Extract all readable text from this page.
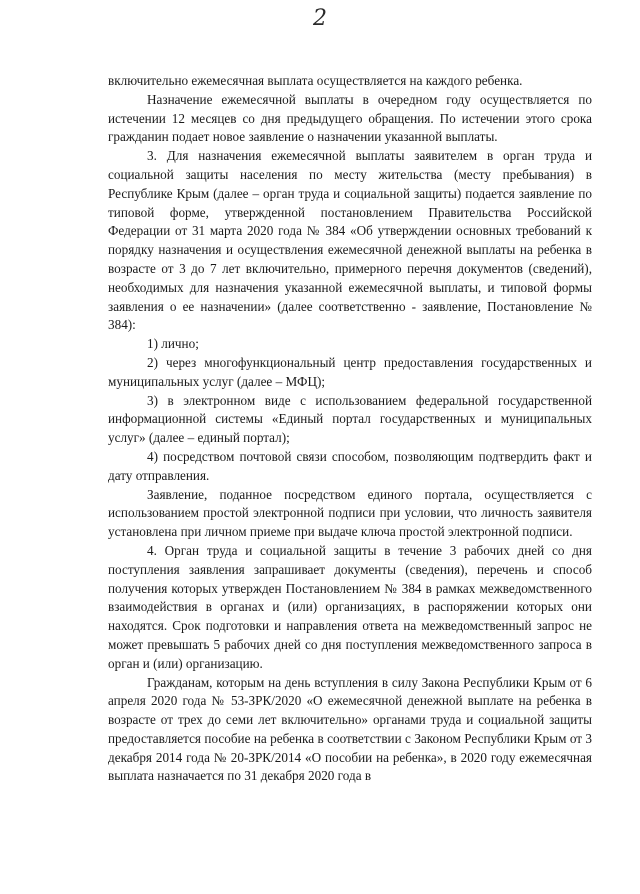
2

включительно ежемесячная выплата осуществляется на каждого ребенка.

Назначение ежемесячной выплаты в очередном году осуществляется по истечении 12 месяцев со дня предыдущего обращения. По истечении этого срока гражданин подает новое заявление о назначении указанной выплаты.

3. Для назначения ежемесячной выплаты заявителем в орган труда и социальной защиты населения по месту жительства (месту пребывания) в Республике Крым (далее – орган труда и социальной защиты) подается заявление по типовой форме, утвержденной постановлением Правительства Российской Федерации от 31 марта 2020 года № 384 «Об утверждении основных требований к порядку назначения и осуществления ежемесячной денежной выплаты на ребенка в возрасте от 3 до 7 лет включительно, примерного перечня документов (сведений), необходимых для назначения указанной ежемесячной выплаты, и типовой формы заявления о ее назначении» (далее соответственно - заявление, Постановление № 384):

1) лично;

2) через многофункциональный центр предоставления государственных и муниципальных услуг (далее – МФЦ);

3) в электронном виде с использованием федеральной государственной информационной системы «Единый портал государственных и муниципальных услуг» (далее – единый портал);

4) посредством почтовой связи способом, позволяющим подтвердить факт и дату отправления.

Заявление, поданное посредством единого портала, осуществляется с использованием простой электронной подписи при условии, что личность заявителя установлена при личном приеме при выдаче ключа простой электронной подписи.

4. Орган труда и социальной защиты в течение 3 рабочих дней со дня поступления заявления запрашивает документы (сведения), перечень и способ получения которых утвержден Постановлением № 384 в рамках межведомственного взаимодействия в органах и (или) организациях, в распоряжении которых они находятся. Срок подготовки и направления ответа на межведомственный запрос не может превышать 5 рабочих дней со дня поступления межведомственного запроса в орган и (или) организацию.

Гражданам, которым на день вступления в силу Закона Республики Крым от 6 апреля 2020 года № 53-ЗРК/2020 «О ежемесячной денежной выплате на ребенка в возрасте от трех до семи лет включительно» органами труда и социальной защиты предоставляется пособие на ребенка в соответствии с Законом Республики Крым от 3 декабря 2014 года № 20-ЗРК/2014 «О пособии на ребенка», в 2020 году ежемесячная выплата назначается по 31 декабря 2020 года в
